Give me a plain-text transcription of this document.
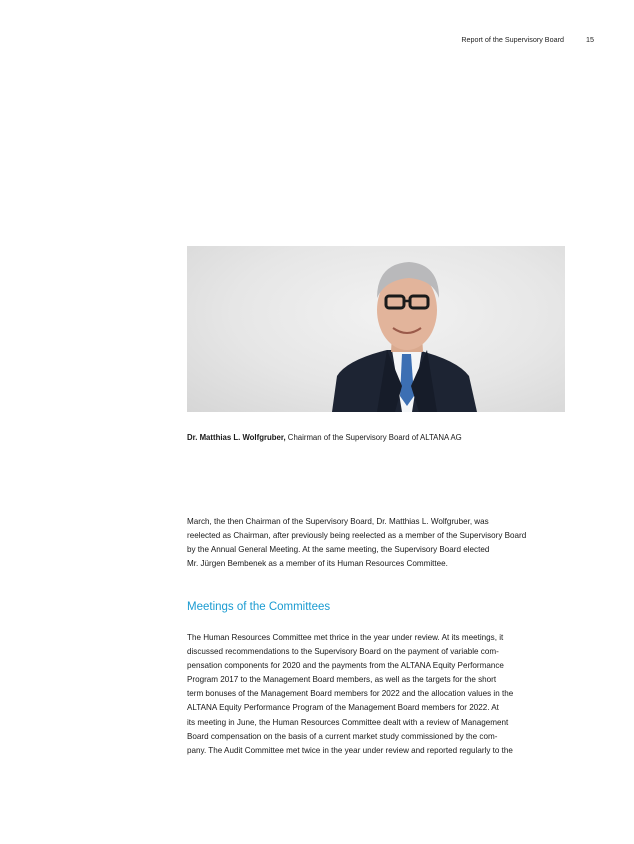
Report of the Supervisory Board	15
Dr. Matthias L. Wolfgruber, Chairman of the Supervisory Board of ALTANA AG

March, the then Chairman of the Supervisory Board, Dr. Matthias L. Wolfgruber, was

reelected as Chairman, after previously being reelected as a member of the Supervisory Board

by the Annual General Meeting. At the same meeting, the Supervisory Board elected

Mr. Jürgen Bembenek as a member of its Human Resources Committee.

Meetings of the Committees

The Human Resources Committee met thrice in the year under review. At its meetings, it

discussed recommendations to the Supervisory Board on the payment of variable com-

pensation components for 2020 and the payments from the ALTANA Equity Performance

Program 2017 to the Management Board members, as well as the targets for the short

term bonuses of the Management Board members for 2022 and the allocation values in the

ALTANA Equity Performance Program of the Management Board members for 2022. At

its meeting in June, the Human Resources Committee dealt with a review of Management

Board compensation on the basis of a current market study commissioned by the com-

pany. The Audit Committee met twice in the year under review and reported regularly to the
